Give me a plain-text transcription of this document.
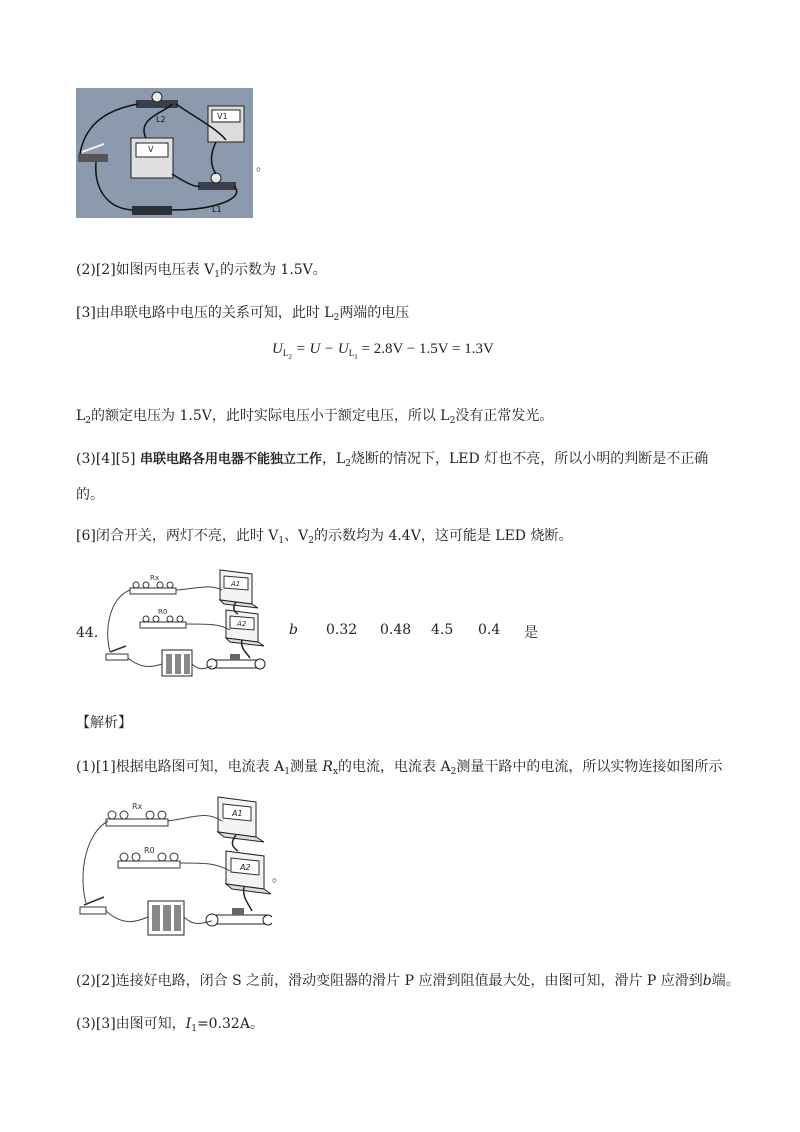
V1
V
L2
L1
。
(2)[2]如图丙电压表 $V_1$的示数为 1.5V。
[3]由串联电路中电压的关系可知，此时 $L_2$两端的电压
$U_{L_2} = U - U_{L_1} = 2.8V - 1.5V = 1.3V$
$L_2$的额定电压为 1.5V，此时实际电压小于额定电压，所以 $L_2$没有正常发光。
(3)[4][5] 串联电路各用电器不能独立工作，$L_2$烧断的情况下，LED 灯也不亮，所以小明的判断是不正确
的。
[6]闭合开关，两灯不亮，此时 $V_1$、$V_2$的示数均为 4.4V，这可能是 LED 烧断。
44．
Rx
R0
A1
A2	b 0.32 0.48 4.5 0.4 是
【解析】
(1)[1]根据电路图可知，电流表 $A_1$测量 $R_x$的电流，电流表 $A_2$测量干路中的电流，所以实物连接如图所示
Rx
R0
A1
A2
。
(2)[2]连接好电路，闭合 S 之前，滑动变阻器的滑片 P 应滑到阻值最大处，由图可知，滑片 P 应滑到b端。
(3)[3]由图可知，$I_1=0.32A$。
